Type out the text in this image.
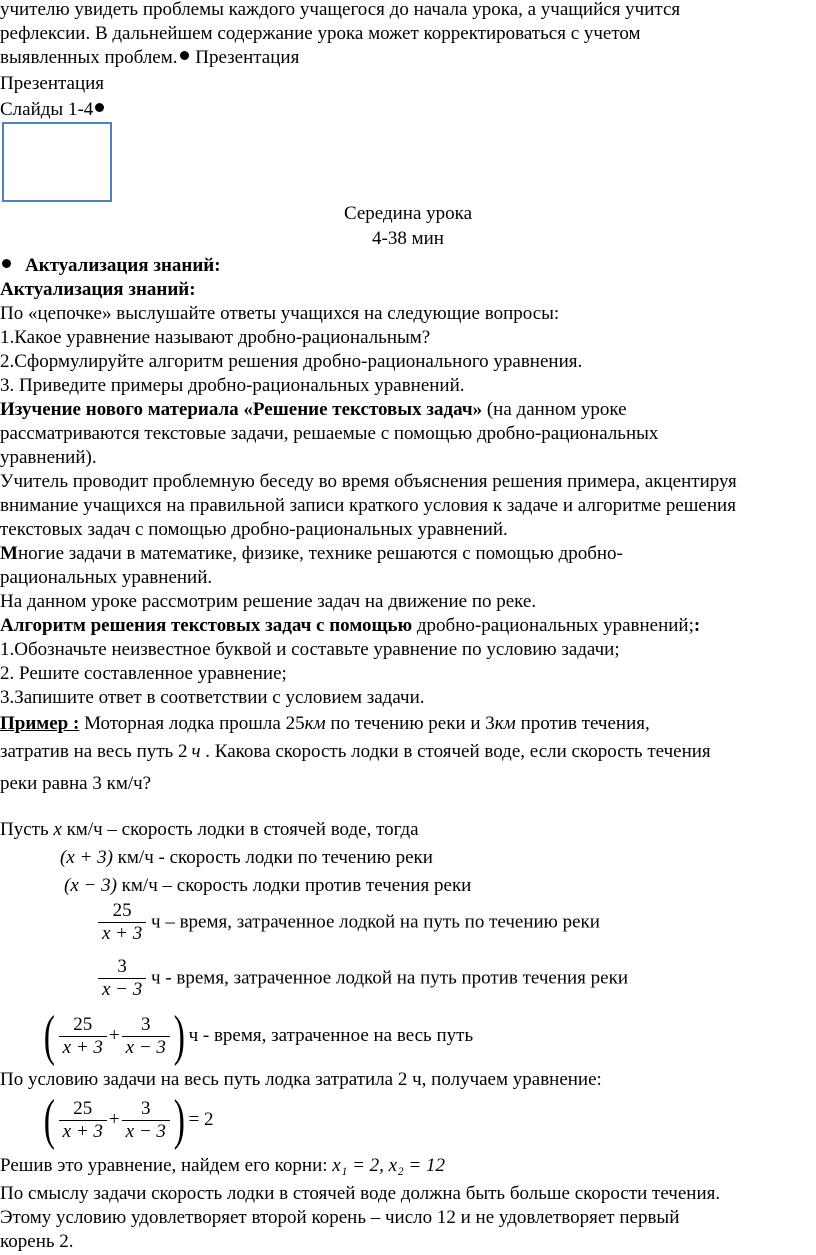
учителю увидеть проблемы каждого учащегося до начала урока, а учащийся учится
рефлексии. В дальнейшем содержание урока может корректироваться с учетом
выявленных проблем. Презентация
Презентация
Слайды 1-4
Середина урока
4-38 мин
Актуализация знаний:
Актуализация знаний:
По «цепочке» выслушайте ответы учащихся на следующие вопросы:
1.Какое уравнение называют дробно-рациональным?
2.Сформулируйте алгоритм решения дробно-рационального уравнения.
3. Приведите примеры дробно-рациональных уравнений.
Изучение нового материала «Решение текстовых задач» (на данном уроке
рассматриваются текстовые задачи, решаемые с помощью дробно-рациональных
уравнений).
Учитель проводит проблемную беседу во время объяснения решения примера, акцентируя
внимание учащихся на правильной записи краткого условия к задаче и алгоритме решения
текстовых задач с помощью дробно-рациональных уравнений.
Многие задачи в математике, физике, технике решаются с помощью дробно-
рациональных уравнений.
На данном уроке рассмотрим решение задач на движение по реке.
Алгоритм решения текстовых задач с помощью дробно-рациональных уравнений;:
1.Обозначьте неизвестное буквой и составьте уравнение по условию задачи;
2. Решите составленное уравнение;
3.Запишите ответ в соответствии с условием задачи.
Пример : Моторная лодка прошла 25км по течению реки и 3км против течения,
затратив на весь путь 2 ч . Какова скорость лодки в стоячей воде, если скорость течения
реки равна 3 км/ч?
Пусть x км/ч – скорость лодки в стоячей воде, тогда
(x + 3) км/ч - скорость лодки по течению реки
(x − 3) км/ч – скорость лодки против течения реки
$\frac{25}{x + 3}$ ч – время, затраченное лодкой на путь по течению реки
$\frac{3}{x - 3}$ ч - время, затраченное лодкой на путь против течения реки
( $\frac{25}{x + 3} + \frac{3}{x - 3}$ ) ч - время, затраченное на весь путь
По условию задачи на весь путь лодка затратила 2 ч, получаем уравнение:
( $\frac{25}{x + 3} + \frac{3}{x - 3}$ ) = 2
Решив это уравнение, найдем его корни: x₁ = 2, x₂ = 12
По смыслу задачи скорость лодки в стоячей воде должна быть больше скорости течения.
Этому условию удовлетворяет второй корень – число 12 и не удовлетворяет первый
корень 2.
